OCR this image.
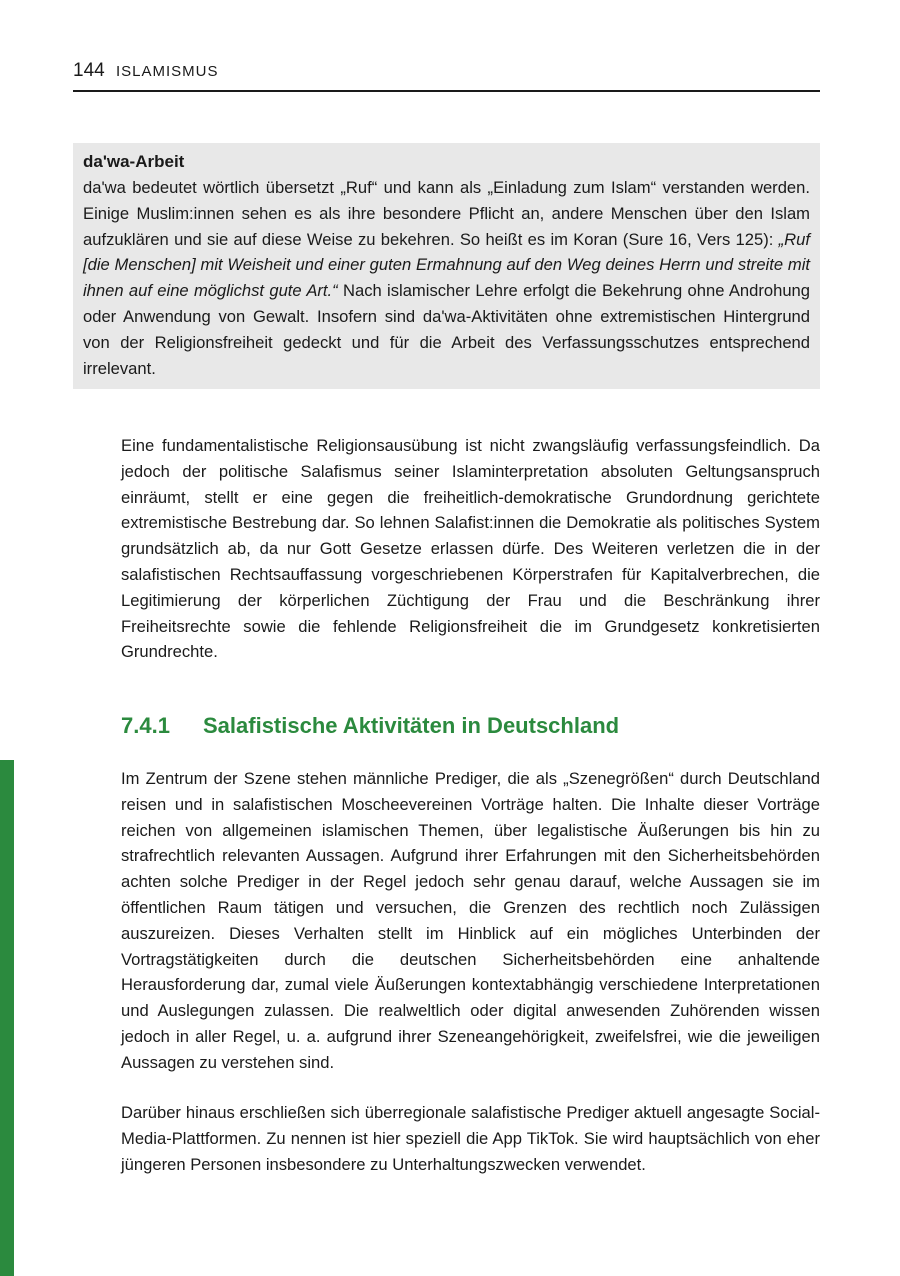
144 ISLAMISMUS
da'wa-Arbeit
da'wa bedeutet wörtlich übersetzt „Ruf“ und kann als „Einladung zum Islam“ verstanden werden. Einige Muslim:innen sehen es als ihre besondere Pflicht an, andere Menschen über den Islam aufzuklären und sie auf diese Weise zu bekehren. So heißt es im Koran (Sure 16, Vers 125): „Ruf [die Menschen] mit Weisheit und einer guten Ermahnung auf den Weg deines Herrn und streite mit ihnen auf eine möglichst gute Art.“ Nach islamischer Lehre erfolgt die Bekehrung ohne Androhung oder Anwendung von Gewalt. Insofern sind da'wa-Aktivitäten ohne extremistischen Hintergrund von der Religionsfreiheit gedeckt und für die Arbeit des Verfassungsschutzes entsprechend irrelevant.

Eine fundamentalistische Religionsausübung ist nicht zwangsläufig verfassungsfeindlich. Da jedoch der politische Salafismus seiner Islaminterpretation absoluten Geltungsanspruch einräumt, stellt er eine gegen die freiheitlich-demokratische Grundordnung gerichtete extremistische Bestrebung dar. So lehnen Salafist:innen die Demokratie als politisches System grundsätzlich ab, da nur Gott Gesetze erlassen dürfe. Des Weiteren verletzen die in der salafistischen Rechtsauffassung vorgeschriebenen Körperstrafen für Kapitalverbrechen, die Legitimierung der körperlichen Züchtigung der Frau und die Beschränkung ihrer Freiheitsrechte sowie die fehlende Religionsfreiheit die im Grundgesetz konkretisierten Grundrechte.

7.4.1 Salafistische Aktivitäten in Deutschland

Im Zentrum der Szene stehen männliche Prediger, die als „Szenegrößen“ durch Deutschland reisen und in salafistischen Moscheevereinen Vorträge halten. Die Inhalte dieser Vorträge reichen von allgemeinen islamischen Themen, über legalistische Äußerungen bis hin zu strafrechtlich relevanten Aussagen. Aufgrund ihrer Erfahrungen mit den Sicherheitsbehörden achten solche Prediger in der Regel jedoch sehr genau darauf, welche Aussagen sie im öffentlichen Raum tätigen und versuchen, die Grenzen des rechtlich noch Zulässigen auszureizen. Dieses Verhalten stellt im Hinblick auf ein mögliches Unterbinden der Vortragstätigkeiten durch die deutschen Sicherheitsbehörden eine anhaltende Herausforderung dar, zumal viele Äußerungen kontextabhängig verschiedene Interpretationen und Auslegungen zulassen. Die realweltlich oder digital anwesenden Zuhörenden wissen jedoch in aller Regel, u. a. aufgrund ihrer Szeneangehörigkeit, zweifelsfrei, wie die jeweiligen Aussagen zu verstehen sind.

Darüber hinaus erschließen sich überregionale salafistische Prediger aktuell angesagte Social-Media-Plattformen. Zu nennen ist hier speziell die App TikTok. Sie wird hauptsächlich von eher jüngeren Personen insbesondere zu Unterhaltungszwecken verwendet.
